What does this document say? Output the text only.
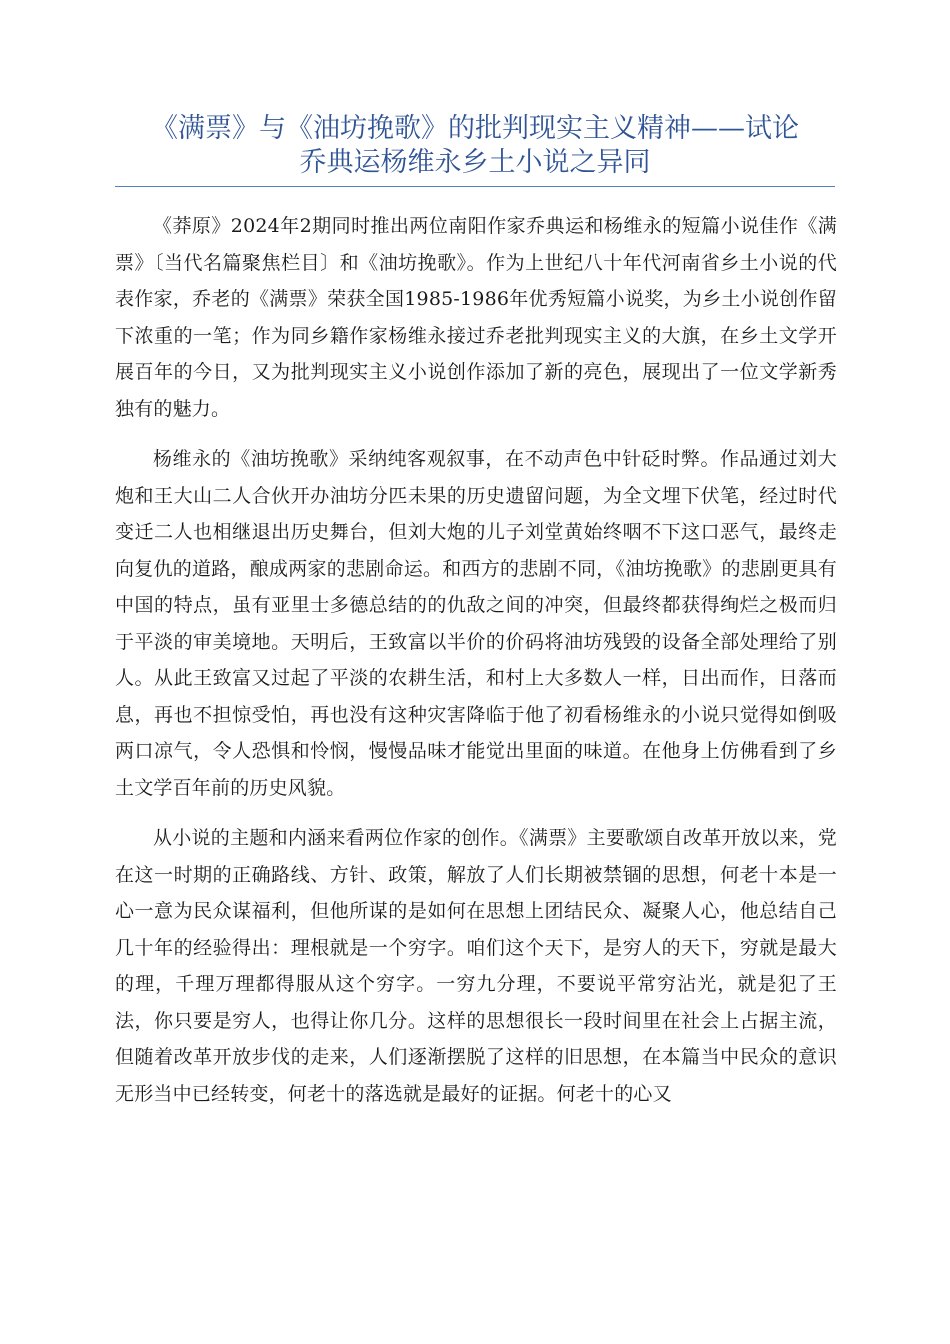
《满票》与《油坊挽歌》的批判现实主义精神——试论
乔典运杨维永乡土小说之异同

《莽原》2024年2期同时推出两位南阳作家乔典运和杨维永的短篇小说佳作《满票》〔当代名篇聚焦栏目〕和《油坊挽歌》。作为上世纪八十年代河南省乡土小说的代表作家，乔老的《满票》荣获全国1985-1986年优秀短篇小说奖，为乡土小说创作留下浓重的一笔；作为同乡籍作家杨维永接过乔老批判现实主义的大旗，在乡土文学开展百年的今日，又为批判现实主义小说创作添加了新的亮色，展现出了一位文学新秀独有的魅力。

杨维永的《油坊挽歌》采纳纯客观叙事，在不动声色中针砭时弊。作品通过刘大炮和王大山二人合伙开办油坊分匹未果的历史遗留问题，为全文埋下伏笔，经过时代变迁二人也相继退出历史舞台，但刘大炮的儿子刘堂黄始终咽不下这口恶气，最终走向复仇的道路，酿成两家的悲剧命运。和西方的悲剧不同，《油坊挽歌》的悲剧更具有中国的特点，虽有亚里士多德总结的的仇敌之间的冲突，但最终都获得绚烂之极而归于平淡的审美境地。天明后，王致富以半价的价码将油坊残毁的设备全部处理给了别人。从此王致富又过起了平淡的农耕生活，和村上大多数人一样，日出而作，日落而息，再也不担惊受怕，再也没有这种灾害降临于他了初看杨维永的小说只觉得如倒吸两口凉气，令人恐惧和怜悯，慢慢品味才能觉出里面的味道。在他身上仿佛看到了乡土文学百年前的历史风貌。

从小说的主题和内涵来看两位作家的创作。《满票》主要歌颂自改革开放以来，党在这一时期的正确路线、方针、政策，解放了人们长期被禁锢的思想，何老十本是一心一意为民众谋福利，但他所谋的是如何在思想上团结民众、凝聚人心，他总结自己几十年的经验得出：理根就是一个穷字。咱们这个天下，是穷人的天下，穷就是最大的理，千理万理都得服从这个穷字。一穷九分理，不要说平常穷沾光，就是犯了王法，你只要是穷人，也得让你几分。这样的思想很长一段时间里在社会上占据主流，但随着改革开放步伐的走来，人们逐渐摆脱了这样的旧思想，在本篇当中民众的意识无形当中已经转变，何老十的落选就是最好的证据。何老十的心又
